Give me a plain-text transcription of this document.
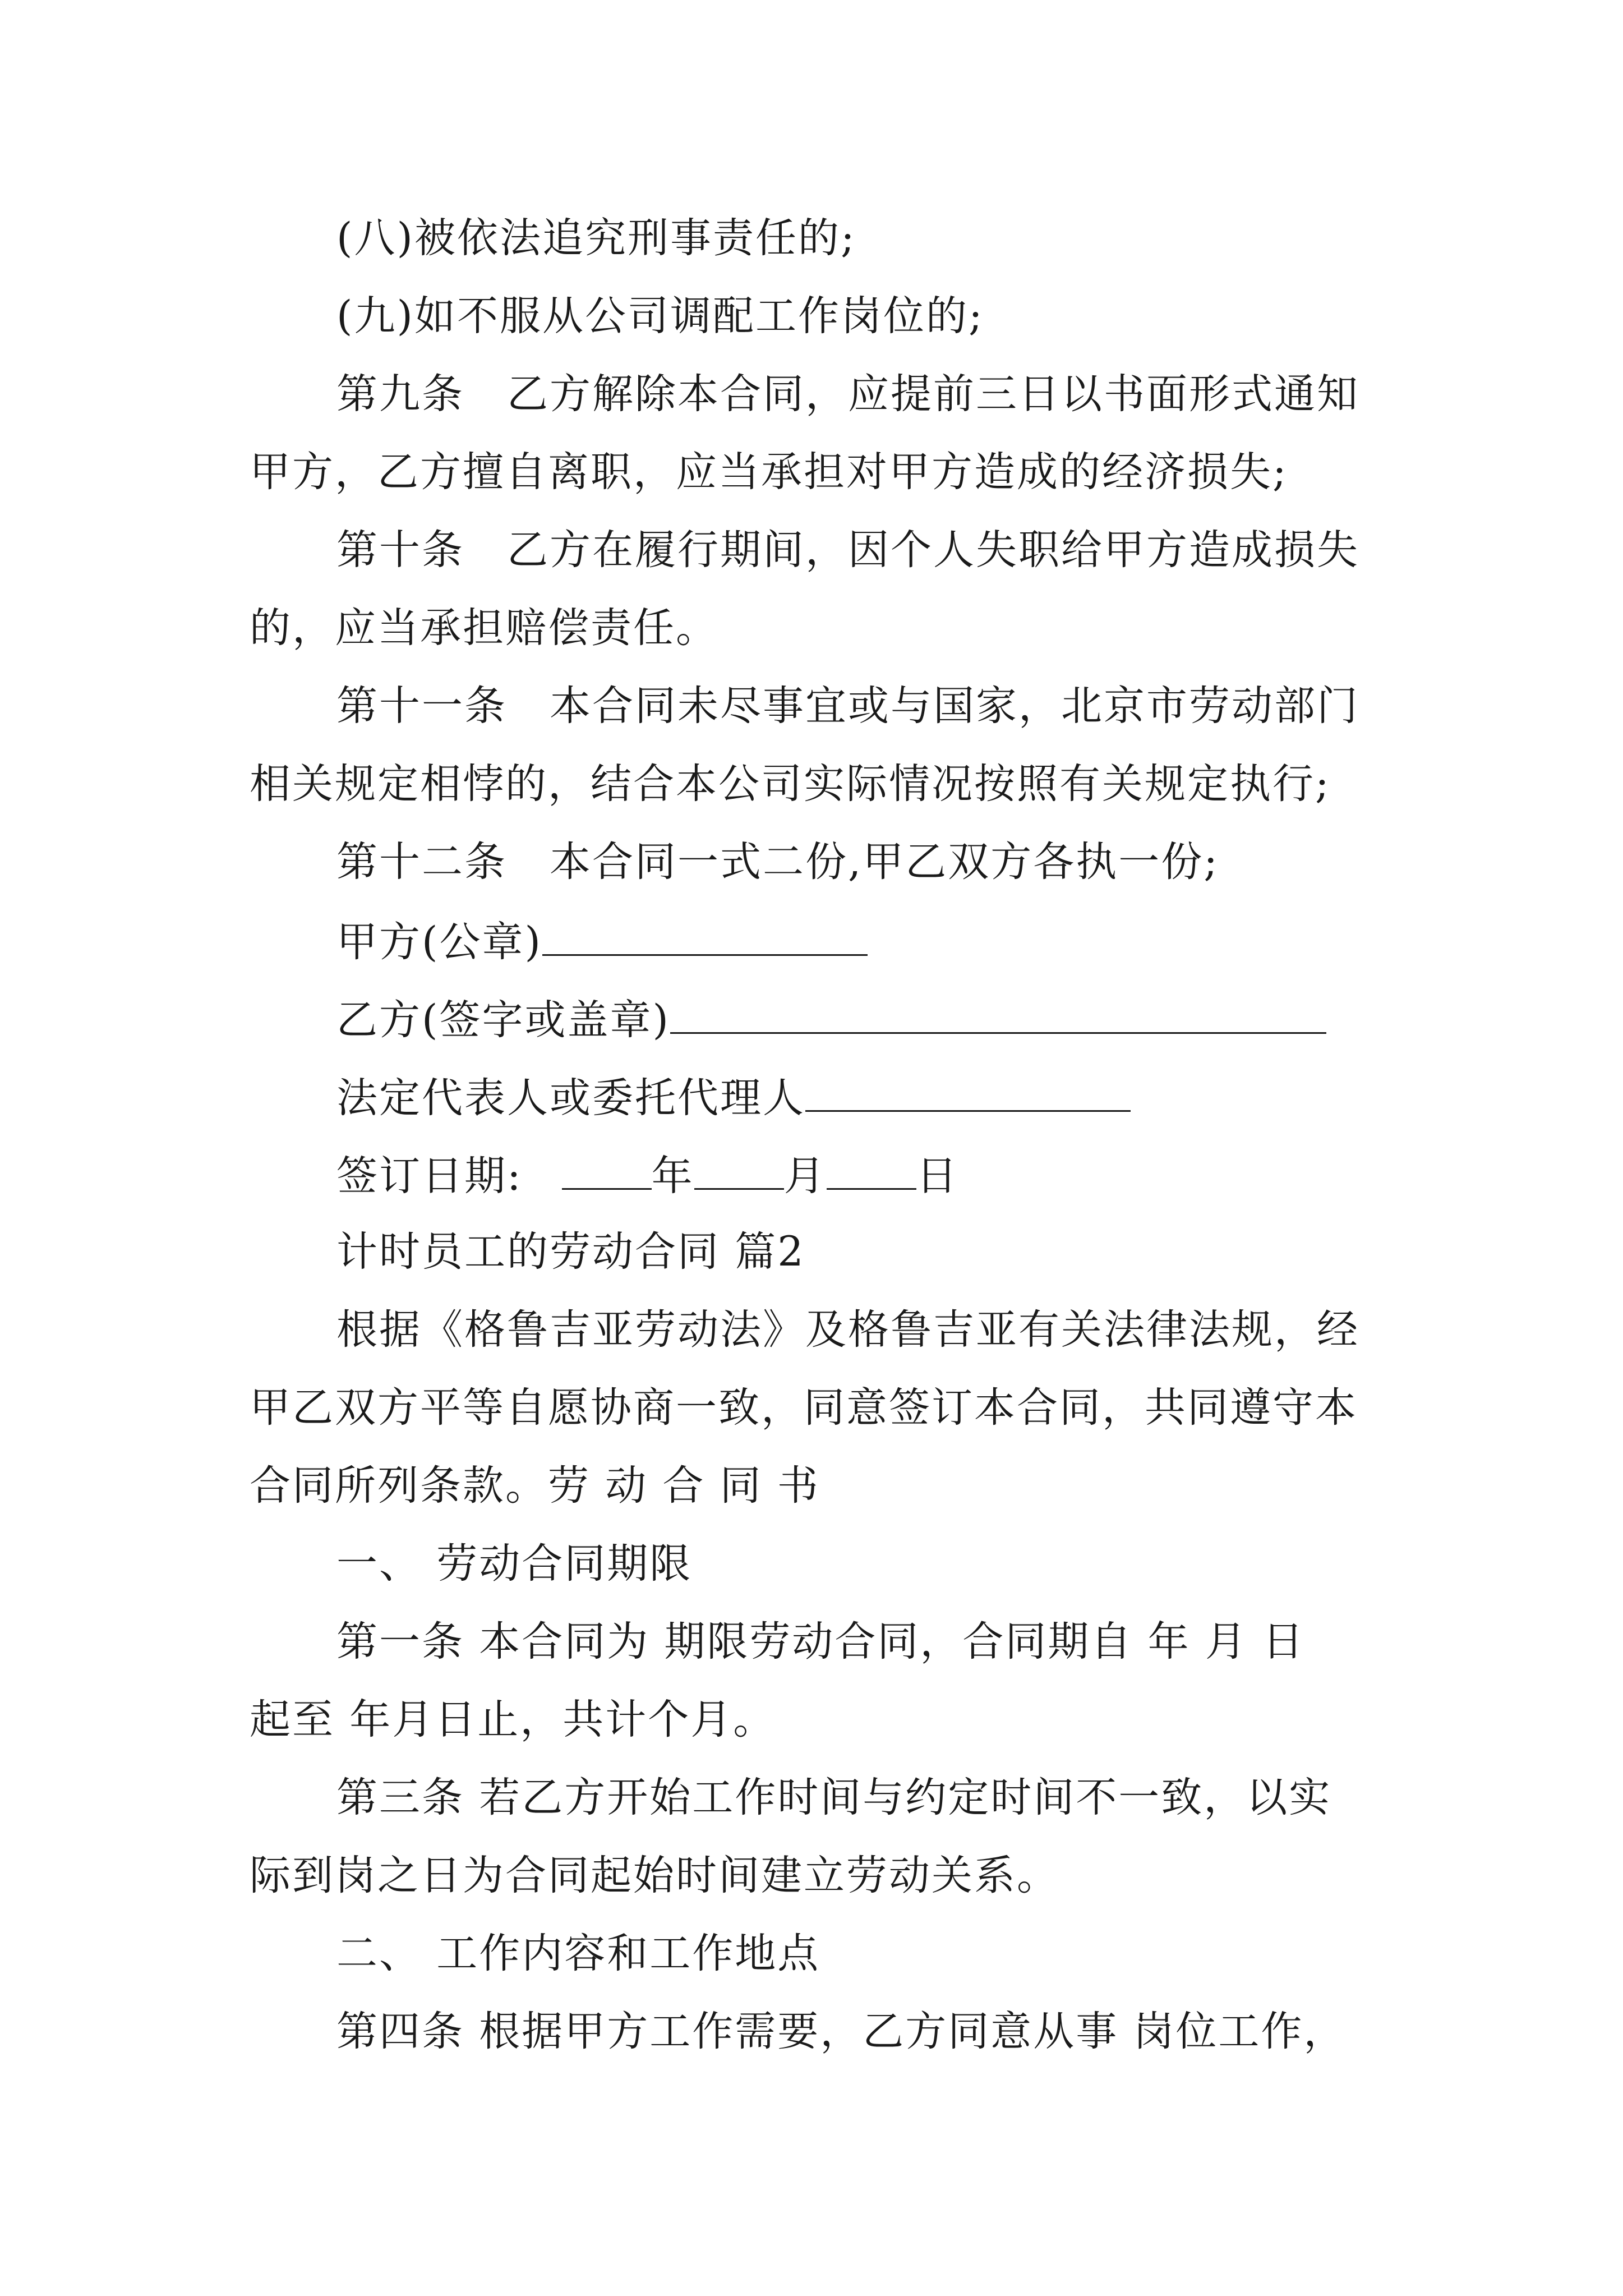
(八)被依法追究刑事责任的;
(九)如不服从公司调配工作岗位的;
第九条　乙方解除本合同，应提前三日以书面形式通知
甲方，乙方擅自离职，应当承担对甲方造成的经济损失;
第十条　乙方在履行期间，因个人失职给甲方造成损失
的，应当承担赔偿责任。
第十一条　本合同未尽事宜或与国家，北京市劳动部门
相关规定相悖的，结合本公司实际情况按照有关规定执行;
第十二条　本合同一式二份,甲乙双方各执一份;
甲方(公章)
乙方(签字或盖章)
法定代表人或委托代理人
签订日期:	年 月 日
计时员工的劳动合同 篇2
根据《格鲁吉亚劳动法》及格鲁吉亚有关法律法规，经
甲乙双方平等自愿协商一致，同意签订本合同，共同遵守本
合同所列条款。劳 动 合 同 书
一、 劳动合同期限
第一条 本合同为 期限劳动合同，合同期自 年 月 日
起至 年月日止，共计个月。
第三条 若乙方开始工作时间与约定时间不一致，以实
际到岗之日为合同起始时间建立劳动关系。
二、 工作内容和工作地点
第四条 根据甲方工作需要，乙方同意从事 岗位工作，
